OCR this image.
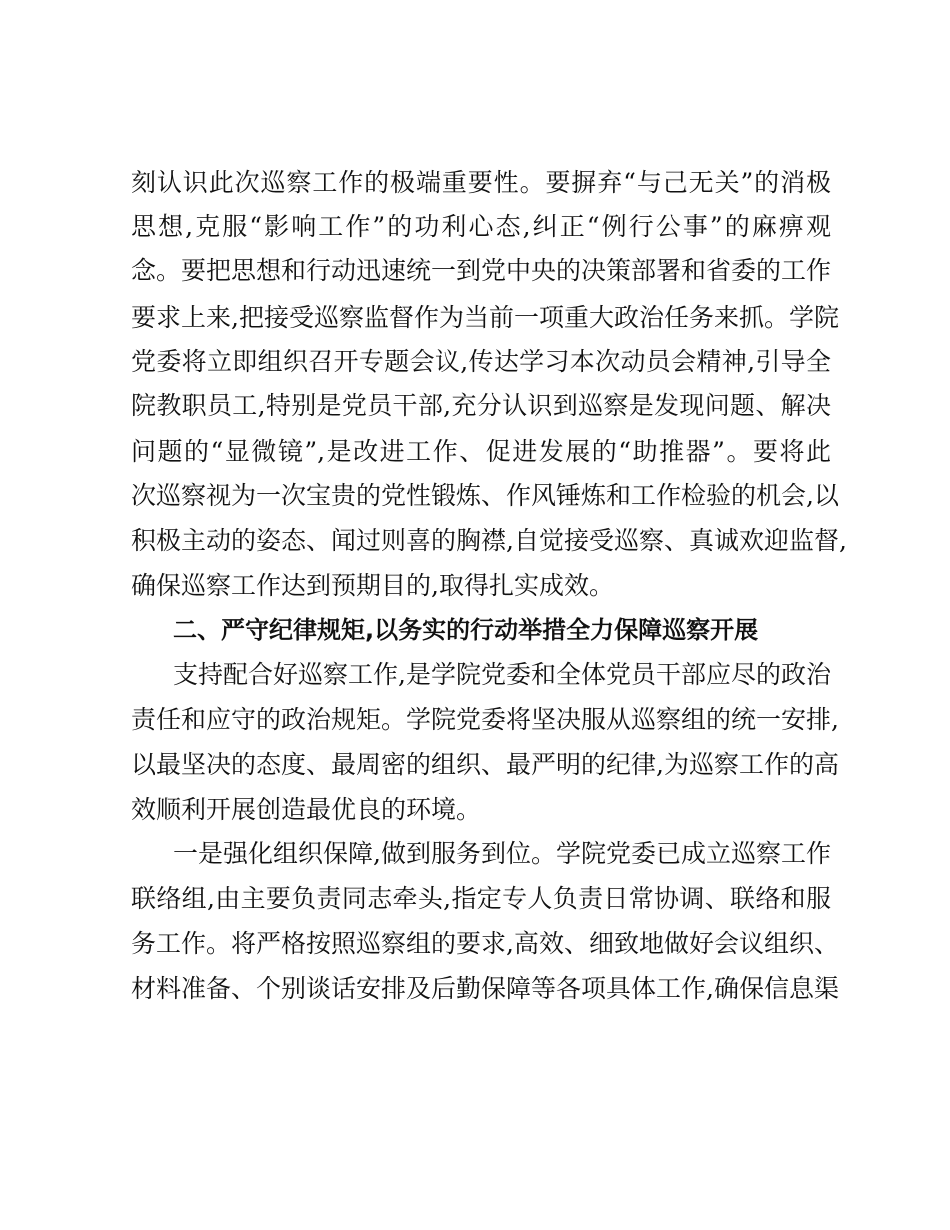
刻认识此次巡察工作的极端重要性。要摒弃“与己无关”的消极
思想,克服“影响工作”的功利心态,纠正“例行公事”的麻痹观
念。要把思想和行动迅速统一到党中央的决策部署和省委的工作
要求上来,把接受巡察监督作为当前一项重大政治任务来抓。学院
党委将立即组织召开专题会议,传达学习本次动员会精神,引导全
院教职员工,特别是党员干部,充分认识到巡察是发现问题、解决
问题的“显微镜”,是改进工作、促进发展的“助推器”。要将此
次巡察视为一次宝贵的党性锻炼、作风锤炼和工作检验的机会,以
积极主动的姿态、闻过则喜的胸襟,自觉接受巡察、真诚欢迎监督,
确保巡察工作达到预期目的,取得扎实成效。
二、严守纪律规矩,以务实的行动举措全力保障巡察开展
支持配合好巡察工作,是学院党委和全体党员干部应尽的政治
责任和应守的政治规矩。学院党委将坚决服从巡察组的统一安排,
以最坚决的态度、最周密的组织、最严明的纪律,为巡察工作的高
效顺利开展创造最优良的环境。
一是强化组织保障,做到服务到位。学院党委已成立巡察工作
联络组,由主要负责同志牵头,指定专人负责日常协调、联络和服
务工作。将严格按照巡察组的要求,高效、细致地做好会议组织、
材料准备、个别谈话安排及后勤保障等各项具体工作,确保信息渠
